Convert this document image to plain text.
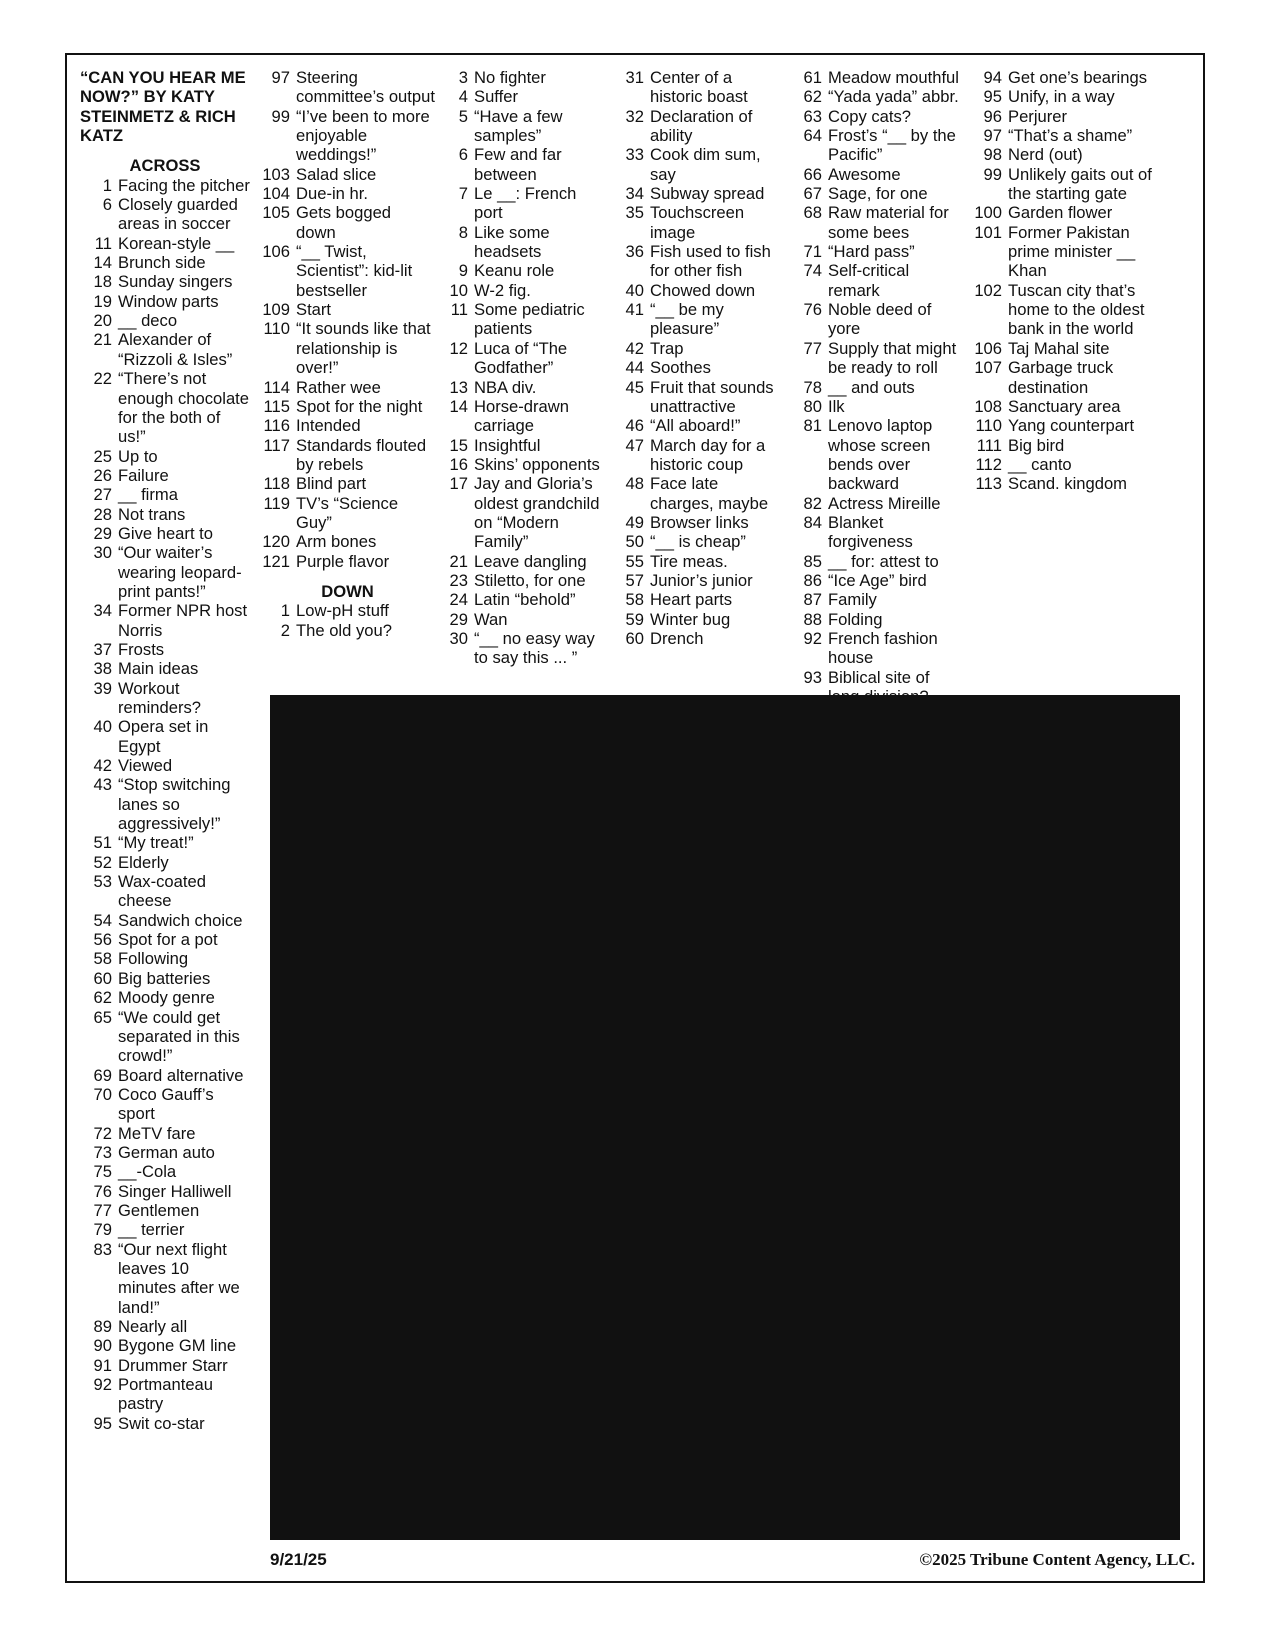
“CAN YOU HEAR ME NOW?” BY KATY STEINMETZ & RICH KATZ
ACROSS
1 Facing the pitcher
6 Closely guarded areas in soccer
11 Korean-style __
14 Brunch side
18 Sunday singers
19 Window parts
20 __ deco
21 Alexander of “Rizzoli & Isles”
22 “There’s not enough chocolate for the both of us!”
25 Up to
26 Failure
27 __ firma
28 Not trans
29 Give heart to
30 “Our waiter’s wearing leopard-print pants!”
34 Former NPR host Norris
37 Frosts
38 Main ideas
39 Workout reminders?
40 Opera set in Egypt
42 Viewed
43 “Stop switching lanes so aggressively!”
51 “My treat!”
52 Elderly
53 Wax-coated cheese
54 Sandwich choice
56 Spot for a pot
58 Following
60 Big batteries
62 Moody genre
65 “We could get separated in this crowd!”
69 Board alternative
70 Coco Gauff’s sport
72 MeTV fare
73 German auto
75 __-Cola
76 Singer Halliwell
77 Gentlemen
79 __ terrier
83 “Our next flight leaves 10 minutes after we land!”
89 Nearly all
90 Bygone GM line
91 Drummer Starr
92 Portmanteau pastry
95 Swit co-star
97 Steering committee’s output
99 “I’ve been to more enjoyable weddings!”
103 Salad slice
104 Due-in hr.
105 Gets bogged down
106 “__ Twist, Scientist”: kid-lit bestseller
109 Start
110 “It sounds like that relationship is over!”
114 Rather wee
115 Spot for the night
116 Intended
117 Standards flouted by rebels
118 Blind part
119 TV’s “Science Guy”
120 Arm bones
121 Purple flavor
DOWN
1 Low-pH stuff
2 The old you?
3 No fighter
4 Suffer
5 “Have a few samples”
6 Few and far between
7 Le __: French port
8 Like some headsets
9 Keanu role
10 W-2 fig.
11 Some pediatric patients
12 Luca of “The Godfather”
13 NBA div.
14 Horse-drawn carriage
15 Insightful
16 Skins’ opponents
17 Jay and Gloria’s oldest grandchild on “Modern Family”
21 Leave dangling
23 Stiletto, for one
24 Latin “behold”
29 Wan
30 “__ no easy way to say this ... ”
31 Center of a historic boast
32 Declaration of ability
33 Cook dim sum, say
34 Subway spread
35 Touchscreen image
36 Fish used to fish for other fish
40 Chowed down
41 “__ be my pleasure”
42 Trap
44 Soothes
45 Fruit that sounds unattractive
46 “All aboard!”
47 March day for a historic coup
48 Face late charges, maybe
49 Browser links
50 “__ is cheap”
55 Tire meas.
57 Junior’s junior
58 Heart parts
59 Winter bug
60 Drench
61 Meadow mouthful
62 “Yada yada” abbr.
63 Copy cats?
64 Frost’s “__ by the Pacific”
66 Awesome
67 Sage, for one
68 Raw material for some bees
71 “Hard pass”
74 Self-critical remark
76 Noble deed of yore
77 Supply that might be ready to roll
78 __ and outs
80 Ilk
81 Lenovo laptop whose screen bends over backward
82 Actress Mireille
84 Blanket forgiveness
85 __ for: attest to
86 “Ice Age” bird
87 Family
88 Folding
92 French fashion house
93 Biblical site of
94 Get one’s bearings
95 Unify, in a way
96 Perjurer
97 “That’s a shame”
98 Nerd (out)
99 Unlikely gaits out of the starting gate
100 Garden flower
101 Former Pakistan prime minister __ Khan
102 Tuscan city that’s home to the oldest bank in the world
106 Taj Mahal site
107 Garbage truck destination
108 Sanctuary area
110 Yang counterpart
111 Big bird
112 __ canto
113 Scand. kingdom
9/21/25	©2025 Tribune Content Agency, LLC.
